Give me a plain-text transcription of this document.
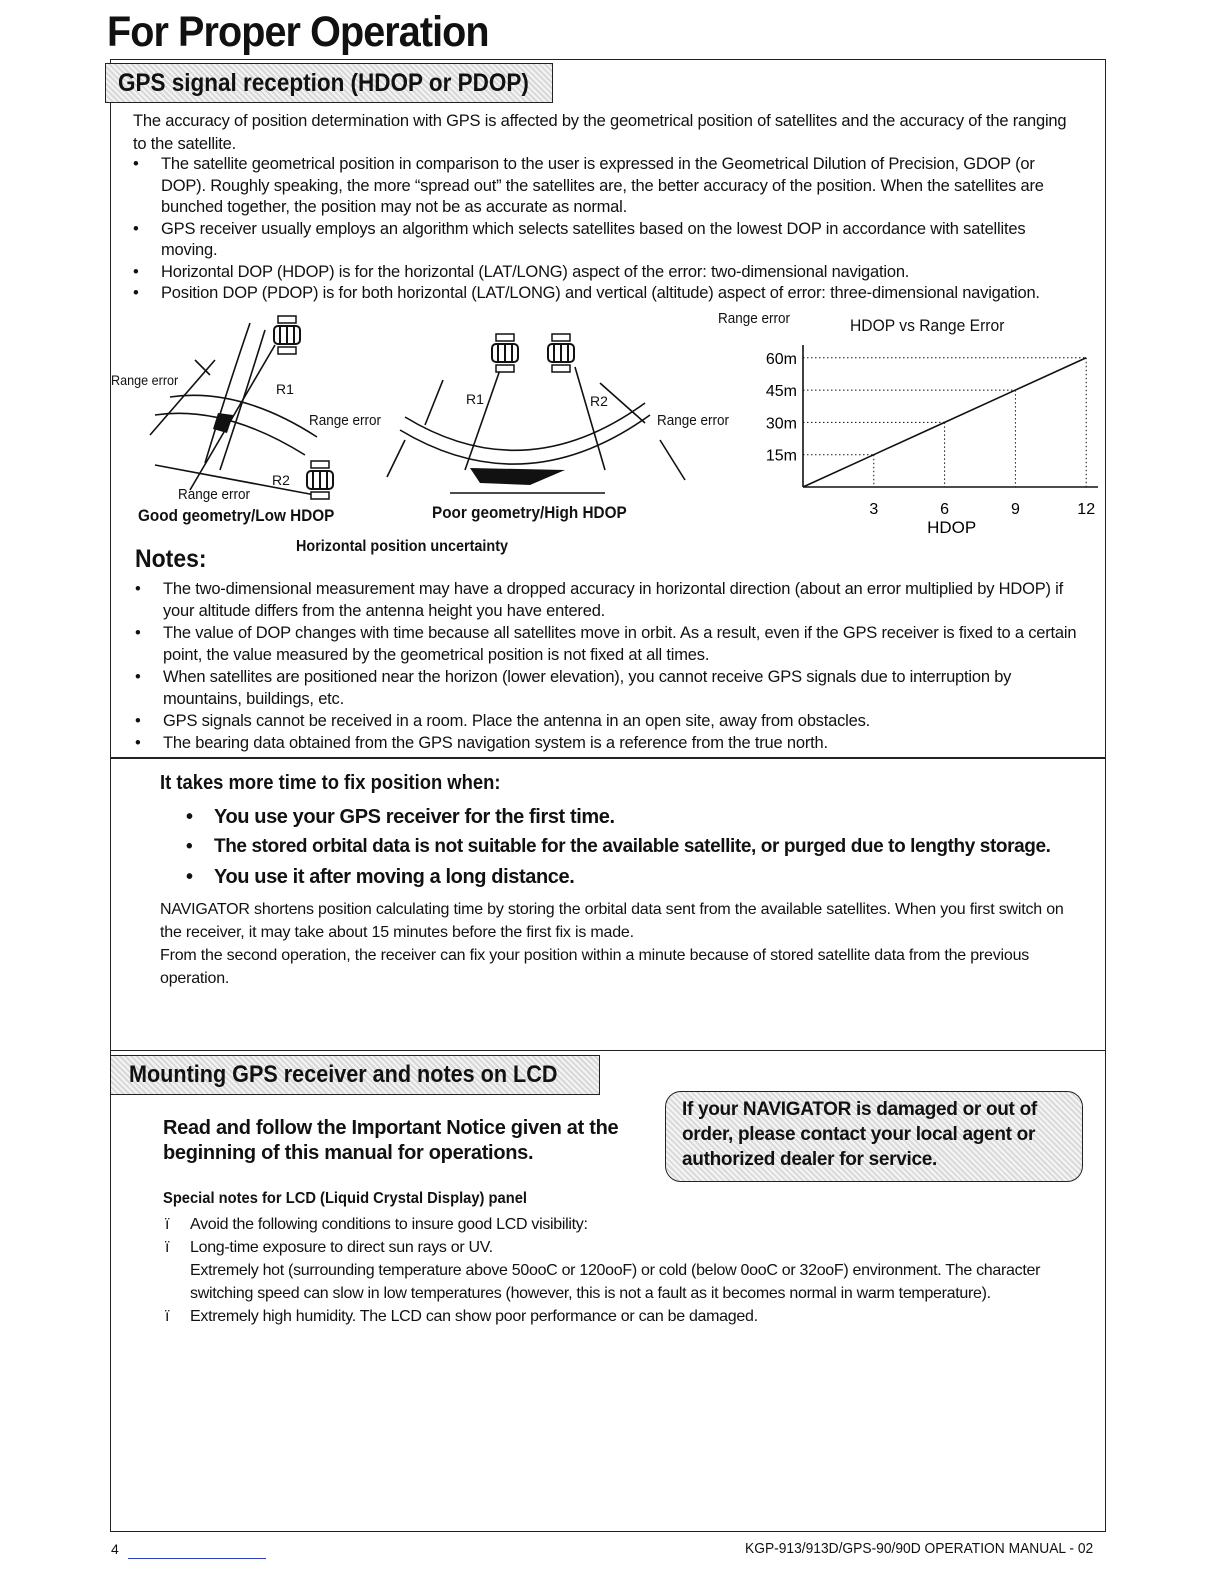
For Proper Operation
GPS signal reception (HDOP or PDOP)
The accuracy of position determination with GPS is affected by the geometrical position of satellites and the accuracy of the ranging to the satellite.
• The satellite geometrical position in comparison to the user is expressed in the Geometrical Dilution of Precision, GDOP (or DOP). Roughly speaking, the more “spread out” the satellites are, the better accuracy of the position. When the satellites are bunched together, the position may not be as accurate as normal.
• GPS receiver usually employs an algorithm which selects satellites based on the lowest DOP in accordance with satellites moving.
• Horizontal DOP (HDOP) is for the horizontal (LAT/LONG) aspect of the error: two-dimensional navigation.
• Position DOP (PDOP) is for both horizontal (LAT/LONG) and vertical (altitude) aspect of error: three-dimensional navigation.
Range error
R1
Range error
R2
Range error
R1	R2
Range error
Good geometry/Low HDOP	Poor geometry/High HDOP
Horizontal position uncertainty
Range error	HDOP vs Range Error
3
15m
6
30m
9
45m
12
60m
HDOP
Notes:
• The two-dimensional measurement may have a dropped accuracy in horizontal direction (about an error multiplied by HDOP) if your altitude differs from the antenna height you have entered.
• The value of DOP changes with time because all satellites move in orbit. As a result, even if the GPS receiver is fixed to a certain point, the value measured by the geometrical position is not fixed at all times.
• When satellites are positioned near the horizon (lower elevation), you cannot receive GPS signals due to interruption by mountains, buildings, etc.
• GPS signals cannot be received in a room. Place the antenna in an open site, away from obstacles.
• The bearing data obtained from the GPS navigation system is a reference from the true north.
It takes more time to fix position when:
• You use your GPS receiver for the first time.
• The stored orbital data is not suitable for the available satellite, or purged due to lengthy storage.
• You use it after moving a long distance.
NAVIGATOR shortens position calculating time by storing the orbital data sent from the available satellites. When you first switch on the receiver, it may take about 15 minutes before the first fix is made.
From the second operation, the receiver can fix your position within a minute because of stored satellite data from the previous operation.
Mounting GPS receiver and notes on LCD
Read and follow the Important Notice given at the beginning of this manual for operations.
If your NAVIGATOR is damaged or out of order, please contact your local agent or authorized dealer for service.
Special notes for LCD (Liquid Crystal Display) panel
ï Avoid the following conditions to insure good LCD visibility:
ï Long-time exposure to direct sun rays or UV.
Extremely hot (surrounding temperature above 50ooC or 120ooF) or cold (below 0ooC or 32ooF) environment. The character switching speed can slow in low temperatures (however, this is not a fault as it becomes normal in warm temperature).
ï Extremely high humidity. The LCD can show poor performance or can be damaged.
4	KGP-913/913D/GPS-90/90D OPERATION MANUAL - 02
